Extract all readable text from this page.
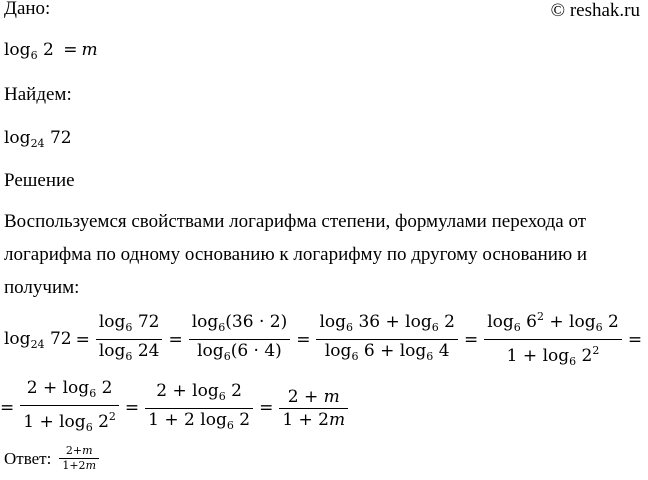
© reshak.ru
Дано:
$\log_6 2 = m$
Найдем:
$\log_{24} 72$
Решение
Воспользуемся свойствами логарифма степени, формулами перехода от логарифма по одному основанию к логарифму по другому основанию и получим:
$\log_{24} 72 = \frac{\log_6 72}{\log_6 24} = \frac{\log_6(36 \cdot 2)}{\log_6(6 \cdot 4)} = \frac{\log_6 36 + \log_6 2}{\log_6 6 + \log_6 4} = \frac{\log_6 6^2 + \log_6 2}{1 + \log_6 2^2}$ =
= $\frac{2 + \log_6 2}{1 + \log_6 2^2} = \frac{2 + \log_6 2}{1 + 2 \log_6 2} = \frac{2 + m}{1 + 2m}$
Ответ: $\frac{2+m}{1+2m}$
